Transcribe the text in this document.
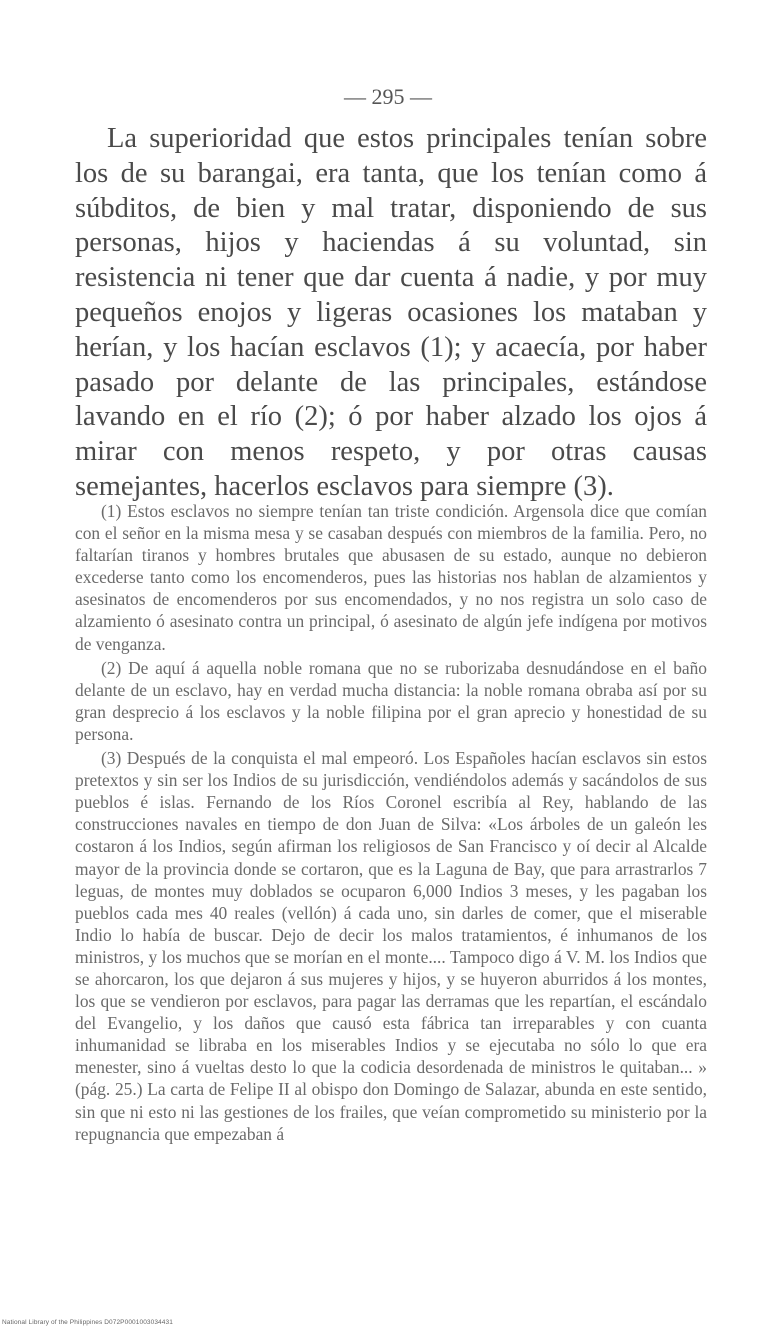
— 295 —

La superioridad que estos principales tenían sobre los de su barangai, era tanta, que los tenían como á súbditos, de bien y mal tratar, disponiendo de sus personas, hijos y haciendas á su voluntad, sin resistencia ni tener que dar cuenta á nadie, y por muy pequeños enojos y ligeras ocasiones los mataban y herían, y los hacían esclavos (1); y acaecía, por haber pasado por delante de las principales, estándose lavando en el río (2); ó por haber alzado los ojos á mirar con menos respeto, y por otras causas semejantes, hacerlos esclavos para siempre (3).

(1) Estos esclavos no siempre tenían tan triste condición. Argensola dice que comían con el señor en la misma mesa y se casaban después con miembros de la familia. Pero, no faltarían tiranos y hombres brutales que abusasen de su estado, aunque no debieron excederse tanto como los encomenderos, pues las historias nos hablan de alzamientos y asesinatos de encomenderos por sus encomendados, y no nos registra un solo caso de alzamiento ó asesinato contra un principal, ó asesinato de algún jefe indígena por motivos de venganza.

(2) De aquí á aquella noble romana que no se ruborizaba desnudándose en el baño delante de un esclavo, hay en verdad mucha distancia: la noble romana obraba así por su gran desprecio á los esclavos y la noble filipina por el gran aprecio y honestidad de su persona.

(3) Después de la conquista el mal empeoró. Los Españoles hacían esclavos sin estos pretextos y sin ser los Indios de su jurisdicción, vendiéndolos además y sacándolos de sus pueblos é islas. Fernando de los Ríos Coronel escribía al Rey, hablando de las construcciones navales en tiempo de don Juan de Silva: «Los árboles de un galeón les costaron á los Indios, según afirman los religiosos de San Francisco y oí decir al Alcalde mayor de la provincia donde se cortaron, que es la Laguna de Bay, que para arrastrarlos 7 leguas, de montes muy doblados se ocuparon 6,000 Indios 3 meses, y les pagaban los pueblos cada mes 40 reales (vellón) á cada uno, sin darles de comer, que el miserable Indio lo había de buscar. Dejo de decir los malos tratamientos, é inhumanos de los ministros, y los muchos que se morían en el monte.... Tampoco digo á V. M. los Indios que se ahorcaron, los que dejaron á sus mujeres y hijos, y se huyeron aburridos á los montes, los que se vendieron por esclavos, para pagar las derramas que les repartían, el escándalo del Evangelio, y los daños que causó esta fábrica tan irreparables y con cuanta inhumanidad se libraba en los miserables Indios y se ejecutaba no sólo lo que era menester, sino á vueltas desto lo que la codicia desordenada de ministros le quitaban... » (pág. 25.) La carta de Felipe II al obispo don Domingo de Salazar, abunda en este sentido, sin que ni esto ni las gestiones de los frailes, que veían comprometido su ministerio por la repugnancia que empezaban á

National Library of the Philippines D072P0001003034431
